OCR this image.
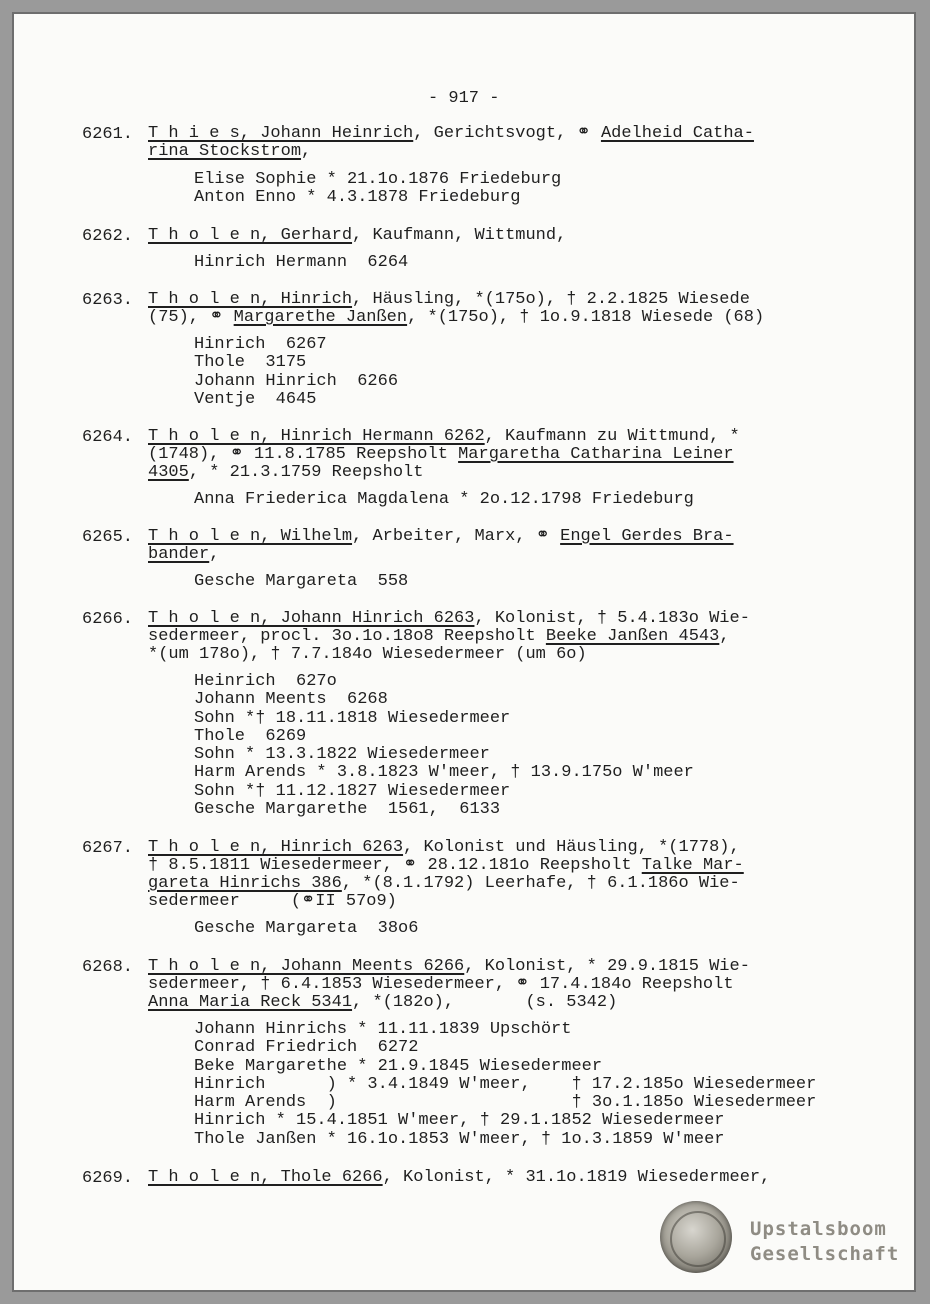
- 917 -
6261. T h i e s, Johann Heinrich, Gerichtsvogt, ⚭ Adelheid Catha-
rina Stockstrom,
Elise Sophie * 21.1o.1876 Friedeburg
Anton Enno * 4.3.1878 Friedeburg
6262. T h o l e n, Gerhard, Kaufmann, Wittmund,
Hinrich Hermann  6264
6263. T h o l e n, Hinrich, Häusling, *(175o), † 2.2.1825 Wiesede
(75), ⚭ Margarethe Janßen, *(175o), † 1o.9.1818 Wiesede (68)
Hinrich  6267
Thole  3175
Johann Hinrich  6266
Ventje  4645
6264. T h o l e n, Hinrich Hermann 6262, Kaufmann zu Wittmund, *
(1748), ⚭ 11.8.1785 Reepsholt Margaretha Catharina Leiner
4305, * 21.3.1759 Reepsholt
Anna Friederica Magdalena * 2o.12.1798 Friedeburg
6265. T h o l e n, Wilhelm, Arbeiter, Marx, ⚭ Engel Gerdes Bra-
bander,
Gesche Margareta  558
6266. T h o l e n, Johann Hinrich 6263, Kolonist, † 5.4.183o Wie-
sedermeer, procl. 3o.1o.18o8 Reepsholt Beeke Janßen 4543,
*(um 178o), † 7.7.184o Wiesedermeer (um 6o)
Heinrich  627o
Johann Meents  6268
Sohn *† 18.11.1818 Wiesedermeer
Thole  6269
Sohn * 13.3.1822 Wiesedermeer
Harm Arends * 3.8.1823 W'meer, † 13.9.175o W'meer
Sohn *† 11.12.1827 Wiesedermeer
Gesche Margarethe  1561,  6133
6267. T h o l e n, Hinrich 6263, Kolonist und Häusling, *(1778),
† 8.5.1811 Wiesedermeer, ⚭ 28.12.181o Reepsholt Talke Mar-
gareta Hinrichs 386, *(8.1.1792) Leerhafe, † 6.1.186o Wie-
sedermeer     (⚭II 57o9)
Gesche Margareta  38o6
6268. T h o l e n, Johann Meents 6266, Kolonist, * 29.9.1815 Wie-
sedermeer, † 6.4.1853 Wiesedermeer, ⚭ 17.4.184o Reepsholt
Anna Maria Reck 5341, *(182o),       (s. 5342)
Johann Hinrichs * 11.11.1839 Upschört
Conrad Friedrich  6272
Beke Margarethe * 21.9.1845 Wiesedermeer
Hinrich      ) * 3.4.1849 W'meer,    † 17.2.185o Wiesedermeer
Harm Arends  )                       † 3o.1.185o Wiesedermeer
Hinrich * 15.4.1851 W'meer, † 29.1.1852 Wiesedermeer
Thole Janßen * 16.1o.1853 W'meer, † 1o.3.1859 W'meer
6269. T h o l e n, Thole 6266, Kolonist, * 31.1o.1819 Wiesedermeer,
Upstalsboom
Gesellschaft
